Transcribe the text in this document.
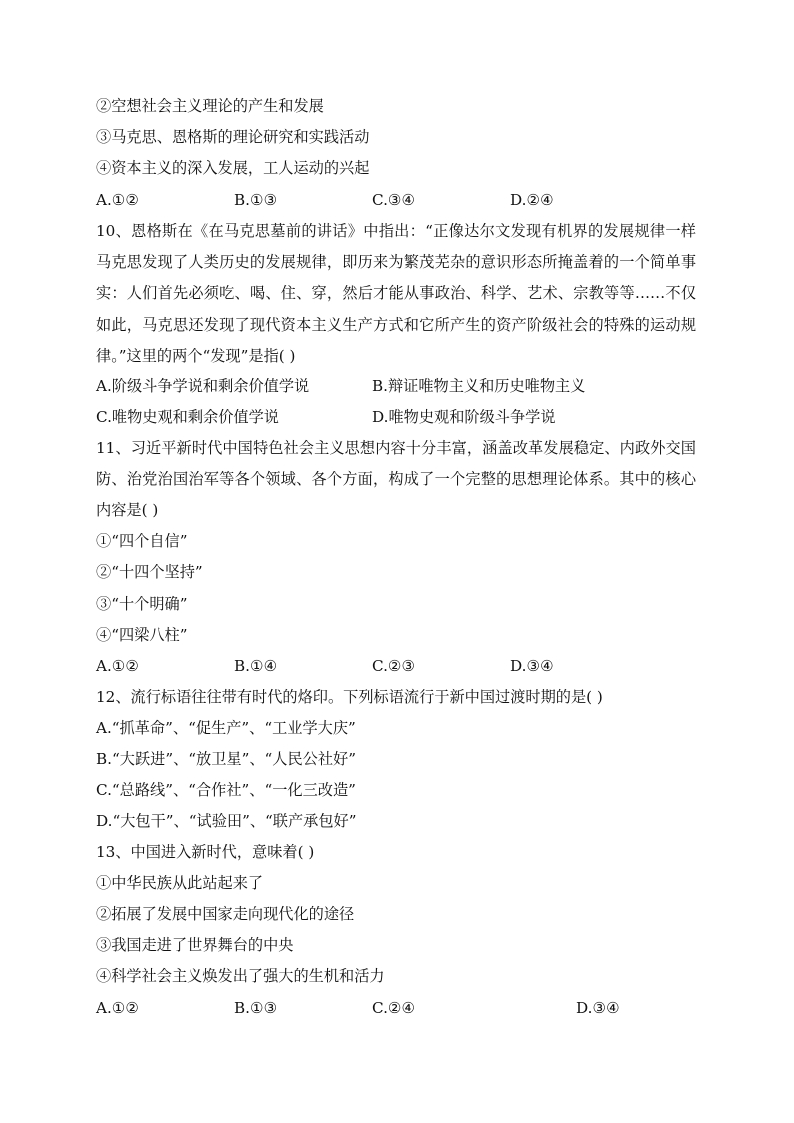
②空想社会主义理论的产生和发展
③马克思、恩格斯的理论研究和实践活动
④资本主义的深入发展，工人运动的兴起
A.①②	B.①③	C.③④	D.②④
10、恩格斯在《在马克思墓前的讲话》中指出：“正像达尔文发现有机界的发展规律一样马克思发现了人类历史的发展规律，即历来为繁茂芜杂的意识形态所掩盖着的一个简单事实：人们首先必须吃、喝、住、穿，然后才能从事政治、科学、艺术、宗教等等……不仅如此，马克思还发现了现代资本主义生产方式和它所产生的资产阶级社会的特殊的运动规律。”这里的两个“发现”是指( )
A.阶级斗争学说和剩余价值学说	B.辩证唯物主义和历史唯物主义
C.唯物史观和剩余价值学说	D.唯物史观和阶级斗争学说
11、习近平新时代中国特色社会主义思想内容十分丰富，涵盖改革发展稳定、内政外交国防、治党治国治军等各个领域、各个方面，构成了一个完整的思想理论体系。其中的核心内容是( )
①“四个自信”
②“十四个坚持”
③“十个明确”
④“四梁八柱”
A.①②	B.①④	C.②③	D.③④
12、流行标语往往带有时代的烙印。下列标语流行于新中国过渡时期的是( )
A.“抓革命”、“促生产”、“工业学大庆”
B.“大跃进”、“放卫星”、“人民公社好”
C.“总路线”、“合作社”、“一化三改造”
D.“大包干”、“试验田”、“联产承包好”
13、中国进入新时代，意味着( )
①中华民族从此站起来了
②拓展了发展中国家走向现代化的途径
③我国走进了世界舞台的中央
④科学社会主义焕发出了强大的生机和活力
A.①②	B.①③	C.②④	D.③④
